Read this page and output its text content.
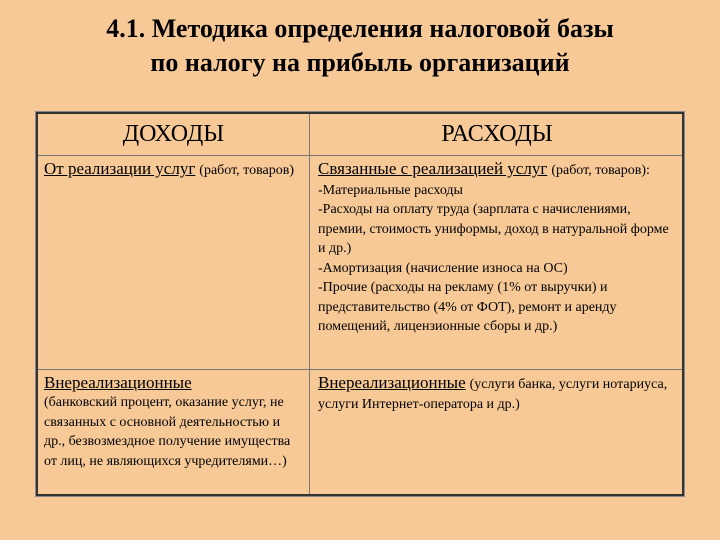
4.1. Методика определения налоговой базы
по налогу на прибыль организаций
ДОХОДЫ	РАСХОДЫ
От реализации услуг (работ, товаров)	Связанные с реализацией услуг (работ, товаров):
-Материальные расходы
-Расходы на оплату труда (зарплата с начислениями, премии, стоимость униформы, доход в натуральной форме и др.)
-Амортизация (начисление износа на ОС)
-Прочие (расходы на рекламу (1% от выручки) и представительство (4% от ФОТ), ремонт и аренду помещений, лицензионные сборы и др.)
Внереализационные
(банковский процент, оказание услуг, не связанных с основной деятельностью и др., безвозмездное получение имущества от лиц, не являющихся учредителями…)
Внереализационные (услуги банка, услуги нотариуса, услуги Интернет-оператора и др.)
